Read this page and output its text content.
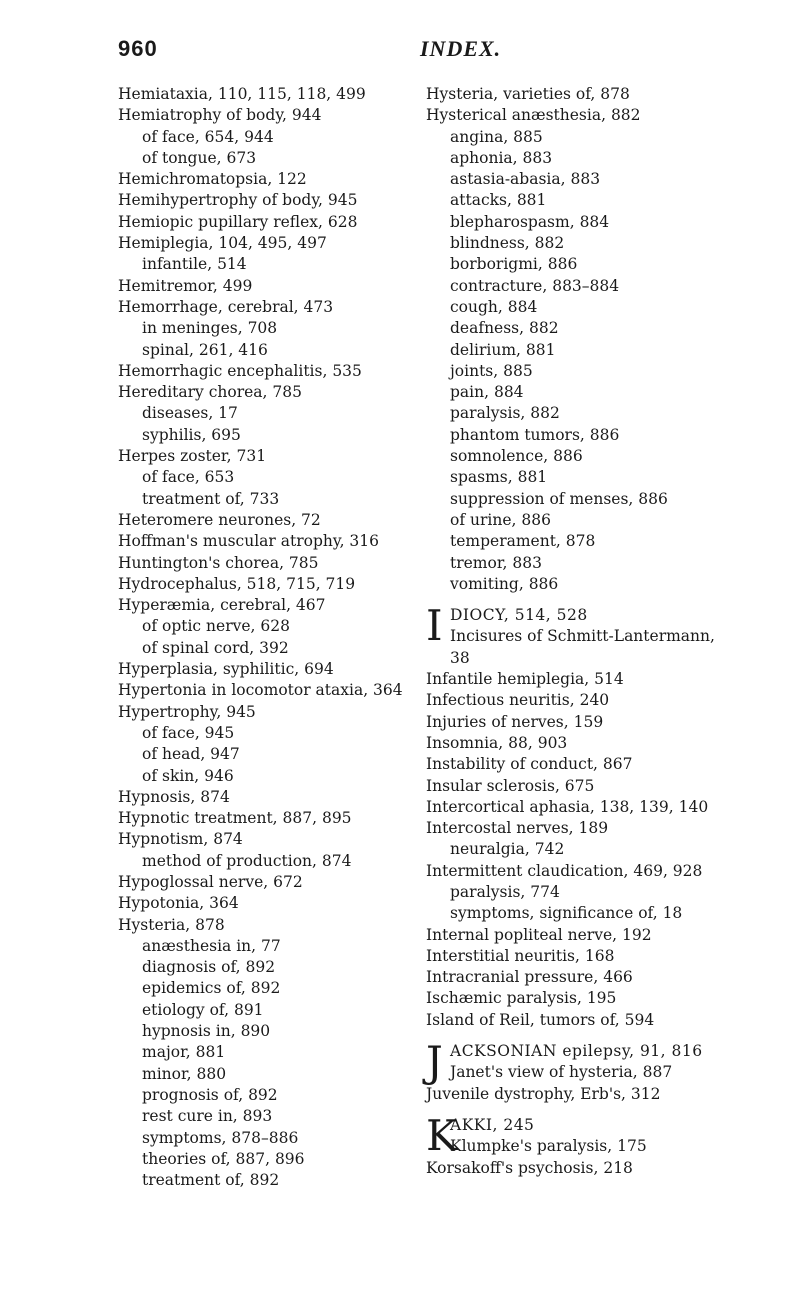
960	INDEX.
Hemiataxia, 110, 115, 118, 499
Hemiatrophy of body, 944
of face, 654, 944
of tongue, 673
Hemichromatopsia, 122
Hemihypertrophy of body, 945
Hemiopic pupillary reflex, 628
Hemiplegia, 104, 495, 497
infantile, 514
Hemitremor, 499
Hemorrhage, cerebral, 473
in meninges, 708
spinal, 261, 416
Hemorrhagic encephalitis, 535
Hereditary chorea, 785
diseases, 17
syphilis, 695
Herpes zoster, 731
of face, 653
treatment of, 733
Heteromere neurones, 72
Hoffman's muscular atrophy, 316
Huntington's chorea, 785
Hydrocephalus, 518, 715, 719
Hyperæmia, cerebral, 467
of optic nerve, 628
of spinal cord, 392
Hyperplasia, syphilitic, 694
Hypertonia in locomotor ataxia, 364
Hypertrophy, 945
of face, 945
of head, 947
of skin, 946
Hypnosis, 874
Hypnotic treatment, 887, 895
Hypnotism, 874
method of production, 874
Hypoglossal nerve, 672
Hypotonia, 364
Hysteria, 878
anæsthesia in, 77
diagnosis of, 892
epidemics of, 892
etiology of, 891
hypnosis in, 890
major, 881
minor, 880
prognosis of, 892
rest cure in, 893
symptoms, 878–886
theories of, 887, 896
treatment of, 892
Hysteria, varieties of, 878
Hysterical anæsthesia, 882
angina, 885
aphonia, 883
astasia-abasia, 883
attacks, 881
blepharospasm, 884
blindness, 882
borborigmi, 886
contracture, 883–884
cough, 884
deafness, 882
delirium, 881
joints, 885
pain, 884
paralysis, 882
phantom tumors, 886
somnolence, 886
spasms, 881
suppression of menses, 886
of urine, 886
temperament, 878
tremor, 883
vomiting, 886
I DIOCY, 514, 528
Incisures of Schmitt-Lantermann,
38
Infantile hemiplegia, 514
Infectious neuritis, 240
Injuries of nerves, 159
Insomnia, 88, 903
Instability of conduct, 867
Insular sclerosis, 675
Intercortical aphasia, 138, 139, 140
Intercostal nerves, 189
neuralgia, 742
Intermittent claudication, 469, 928
paralysis, 774
symptoms, significance of, 18
Internal popliteal nerve, 192
Interstitial neuritis, 168
Intracranial pressure, 466
Ischæmic paralysis, 195
Island of Reil, tumors of, 594
J ACKSONIAN epilepsy, 91, 816
Janet's view of hysteria, 887
Juvenile dystrophy, Erb's, 312
K
AKKI, 245
Klumpke's paralysis, 175
Korsakoff's psychosis, 218
